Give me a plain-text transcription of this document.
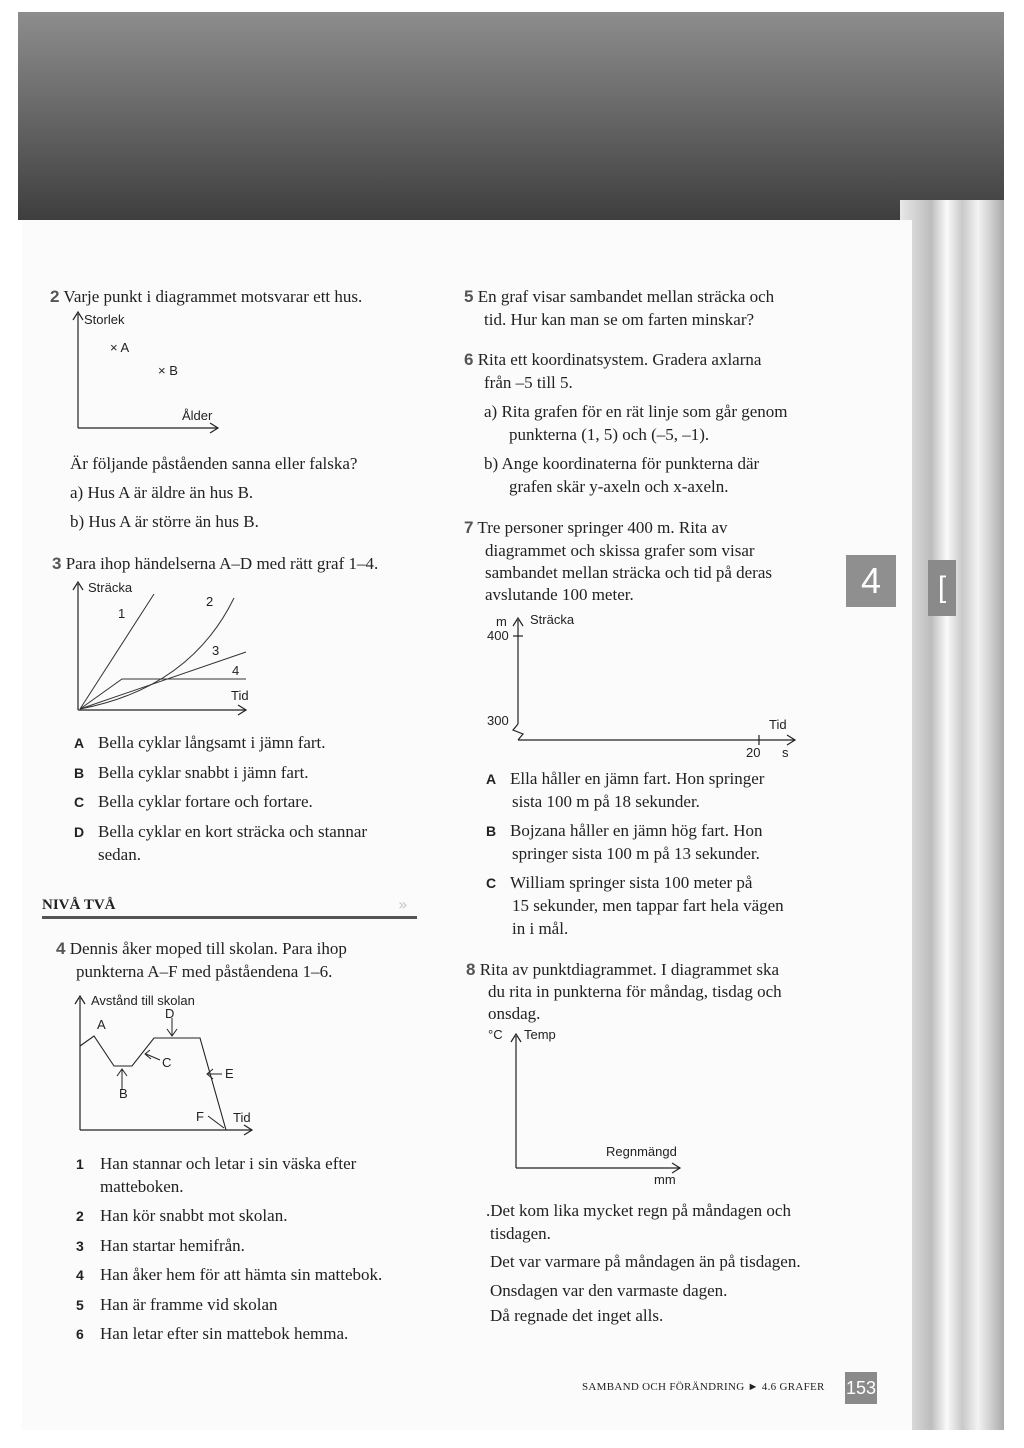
2 Varje punkt i diagrammet motsvarar ett hus.
Storlek
× A
× B
Ålder
Är följande påståenden sanna eller falska?
a) Hus A är äldre än hus B.
b) Hus A är större än hus B.
3 Para ihop händelserna A–D med rätt graf 1–4.
Sträcka
1
2
3
4
Tid
A Bella cyklar långsamt i jämn fart.
B Bella cyklar snabbt i jämn fart.
C Bella cyklar fortare och fortare.
D Bella cyklar en kort sträcka och stannar
sedan.
NIVÅ TVÅ	»
4 Dennis åker moped till skolan. Para ihop
punkterna A–F med påståendena 1–6.
Avstånd till skolan
A
D
C
E
B
F Tid
1 Han stannar och letar i sin väska efter
matteboken.
2 Han kör snabbt mot skolan.
3 Han startar hemifrån.
4 Han åker hem för att hämta sin mattebok.
5 Han är framme vid skolan
6 Han letar efter sin mattebok hemma.
5 En graf visar sambandet mellan sträcka och
tid. Hur kan man se om farten minskar?
6 Rita ett koordinatsystem. Gradera axlarna
från –5 till 5.
a) Rita grafen för en rät linje som går genom
punkterna (1, 5) och (–5, –1).
b) Ange koordinaterna för punkterna där
grafen skär y-axeln och x-axeln.
7 Tre personer springer 400 m. Rita av
diagrammet och skissa grafer som visar
sambandet mellan sträcka och tid på deras
avslutande 100 meter.
m Sträcka
400
300	Tid
20 s
A Ella håller en jämn fart. Hon springer
sista 100 m på 18 sekunder.
B Bojzana håller en jämn hög fart. Hon
springer sista 100 m på 13 sekunder.
C William springer sista 100 meter på
15 sekunder, men tappar fart hela vägen
in i mål.
8 Rita av punktdiagrammet. I diagrammet ska
du rita in punkterna för måndag, tisdag och
onsdag.
°C Temp
Regnmängd
mm
.Det kom lika mycket regn på måndagen och
tisdagen.
Det var varmare på måndagen än på tisdagen.
Onsdagen var den varmaste dagen.
Då regnade det inget alls.
4	[
SAMBAND OCH FÖRÄNDRING ► 4.6 GRAFER 153
